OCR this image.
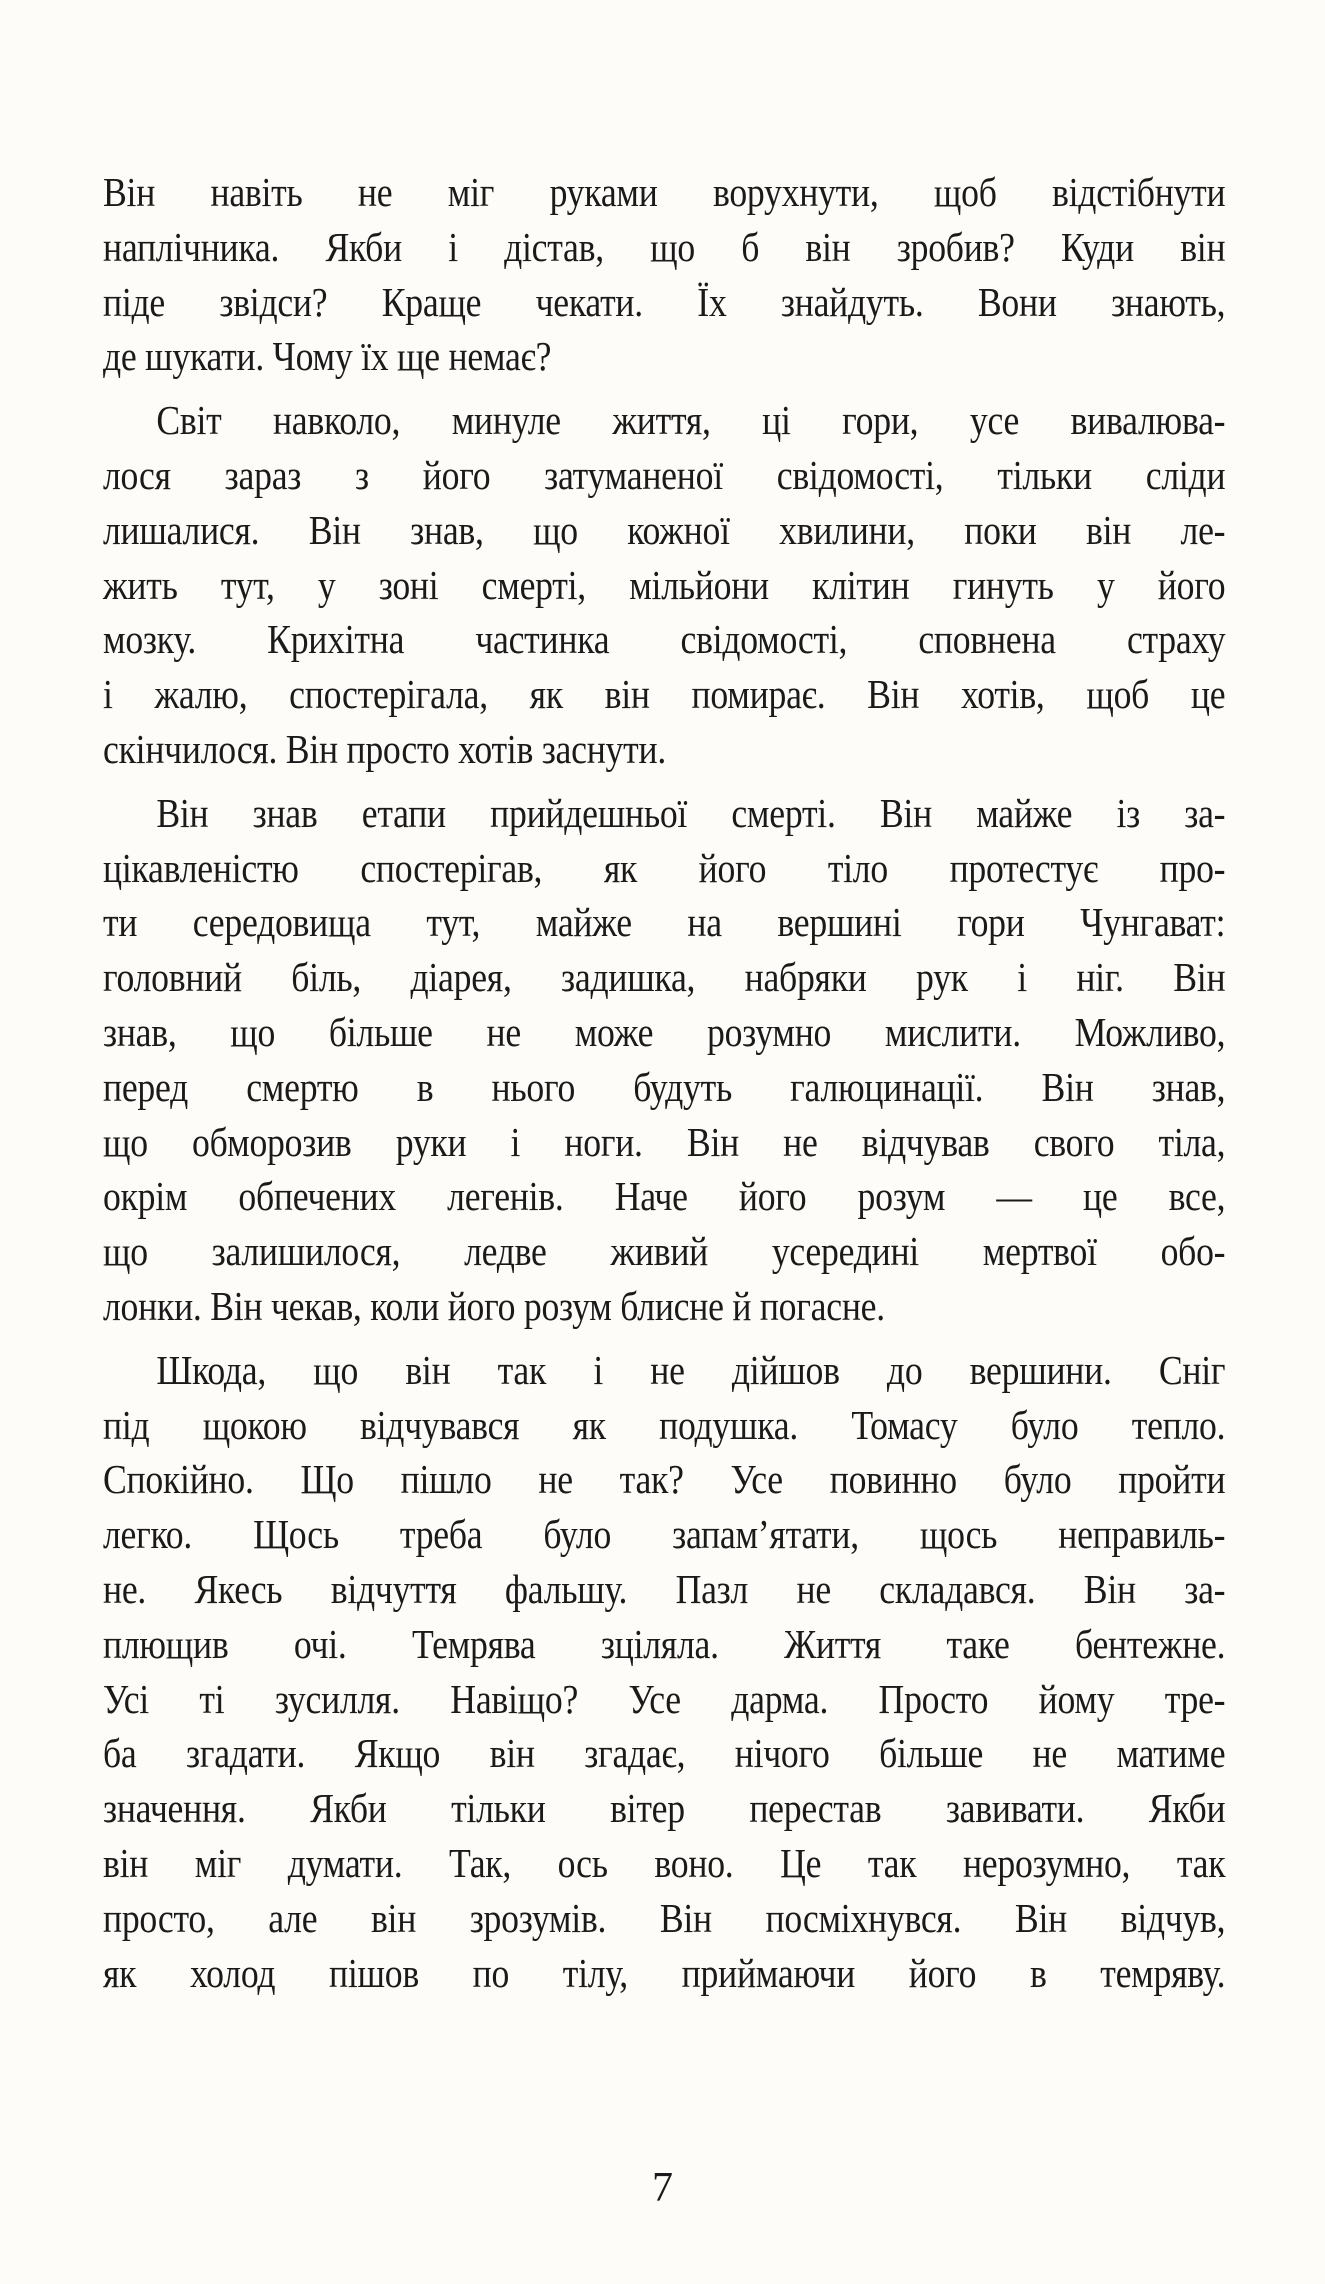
Він навіть не міг руками ворухнути, щоб відстібнути
наплічника. Якби і дістав, що б він зробив? Куди він
піде звідси? Краще чекати. Їх знайдуть. Вони знають,
де шукати. Чому їх ще немає?
Світ навколо, минуле життя, ці гори, усе вивалюва-
лося зараз з його затуманеної свідомості, тільки сліди
лишалися. Він знав, що кожної хвилини, поки він ле-
жить тут, у зоні смерті, мільйони клітин гинуть у його
мозку. Крихітна частинка свідомості, сповнена страху
і жалю, спостерігала, як він помирає. Він хотів, щоб це
скінчилося. Він просто хотів заснути.
Він знав етапи прийдешньої смерті. Він майже із за-
цікавленістю спостерігав, як його тіло протестує про-
ти середовища тут, майже на вершині гори Чунгават:
головний біль, діарея, задишка, набряки рук і ніг. Він
знав, що більше не може розумно мислити. Можливо,
перед смертю в нього будуть галюцинації. Він знав,
що обморозив руки і ноги. Він не відчував свого тіла,
окрім обпечених легенів. Наче його розум — це все,
що залишилося, ледве живий усередині мертвої обо-
лонки. Він чекав, коли його розум блисне й погасне.
Шкода, що він так і не дійшов до вершини. Сніг
під щокою відчувався як подушка. Томасу було тепло.
Спокійно. Що пішло не так? Усе повинно було пройти
легко. Щось треба було запам’ятати, щось неправиль-
не. Якесь відчуття фальшу. Пазл не складався. Він за-
плющив очі. Темрява зціляла. Життя таке бентежне.
Усі ті зусилля. Навіщо? Усе дарма. Просто йому тре-
ба згадати. Якщо він згадає, нічого більше не матиме
значення. Якби тільки вітер перестав завивати. Якби
він міг думати. Так, ось воно. Це так нерозумно, так
просто, але він зрозумів. Він посміхнувся. Він відчув,
як холод пішов по тілу, приймаючи його в темряву.
7
